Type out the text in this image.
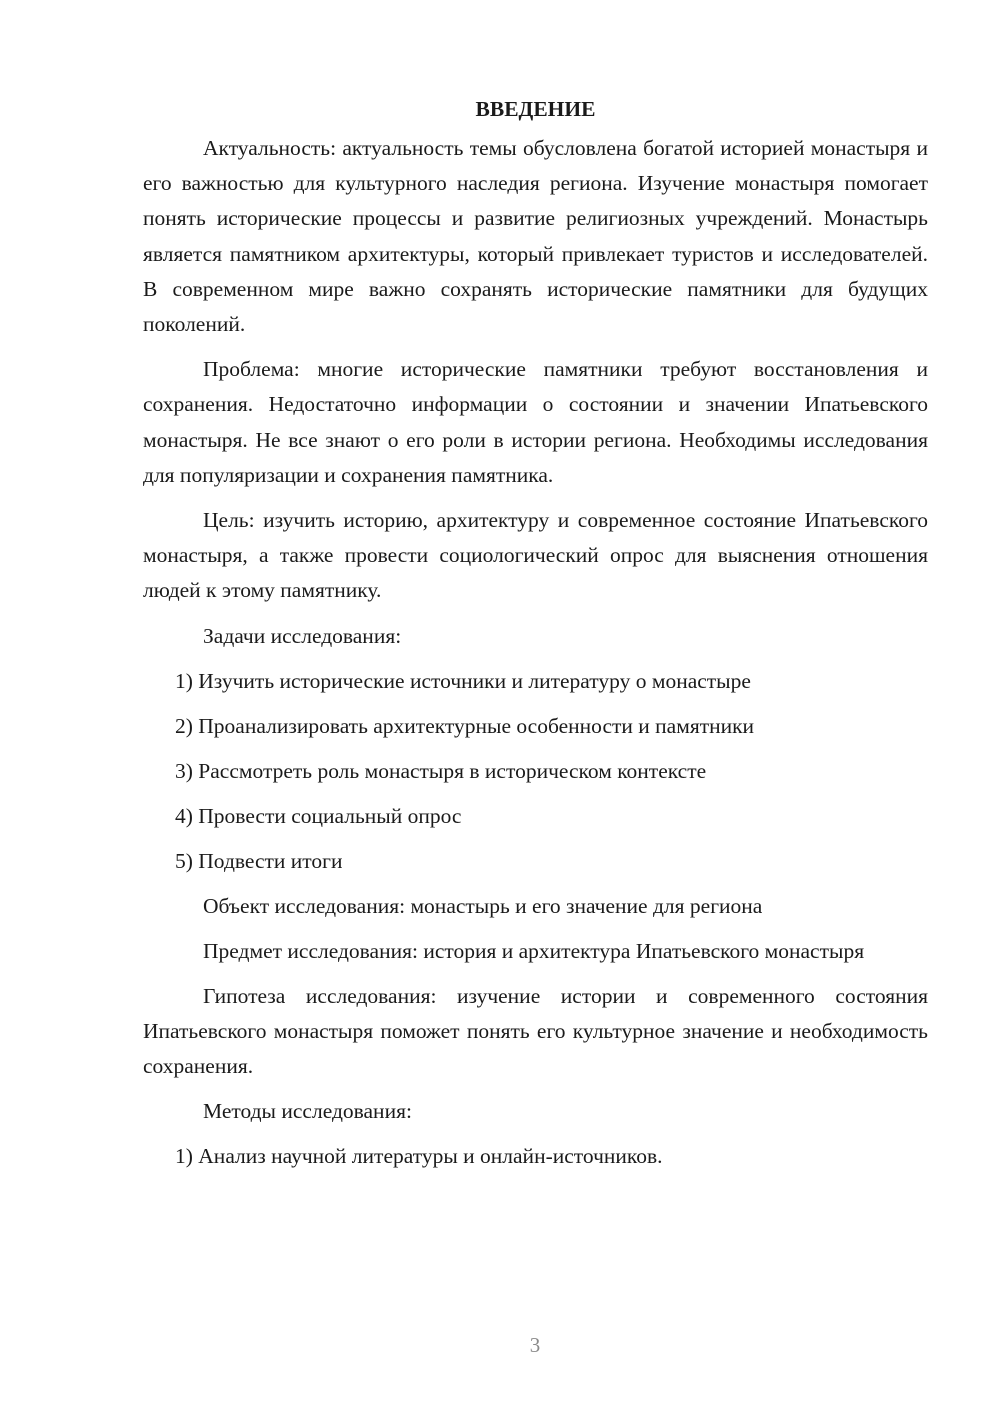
ВВЕДЕНИЕ

Актуальность: актуальность темы обусловлена богатой историей монастыря и его важностью для культурного наследия региона. Изучение монастыря помогает понять исторические процессы и развитие религиозных учреждений. Монастырь является памятником архитектуры, который привлекает туристов и исследователей. В современном мире важно сохранять исторические памятники для будущих поколений.

Проблема: многие исторические памятники требуют восстановления и сохранения. Недостаточно информации о состоянии и значении Ипатьевского монастыря. Не все знают о его роли в истории региона. Необходимы исследования для популяризации и сохранения памятника.

Цель: изучить историю, архитектуру и современное состояние Ипатьевского монастыря, а также провести социологический опрос для выяснения отношения людей к этому памятнику.

Задачи исследования:

1) Изучить исторические источники и литературу о монастыре

2) Проанализировать архитектурные особенности и памятники

3) Рассмотреть роль монастыря в историческом контексте

4) Провести социальный опрос

5) Подвести итоги

Объект исследования: монастырь и его значение для региона

Предмет исследования: история и архитектура Ипатьевского монастыря

Гипотеза исследования: изучение истории и современного состояния Ипатьевского монастыря поможет понять его культурное значение и необходимость сохранения.

Методы исследования:

1) Анализ научной литературы и онлайн-источников.

3
